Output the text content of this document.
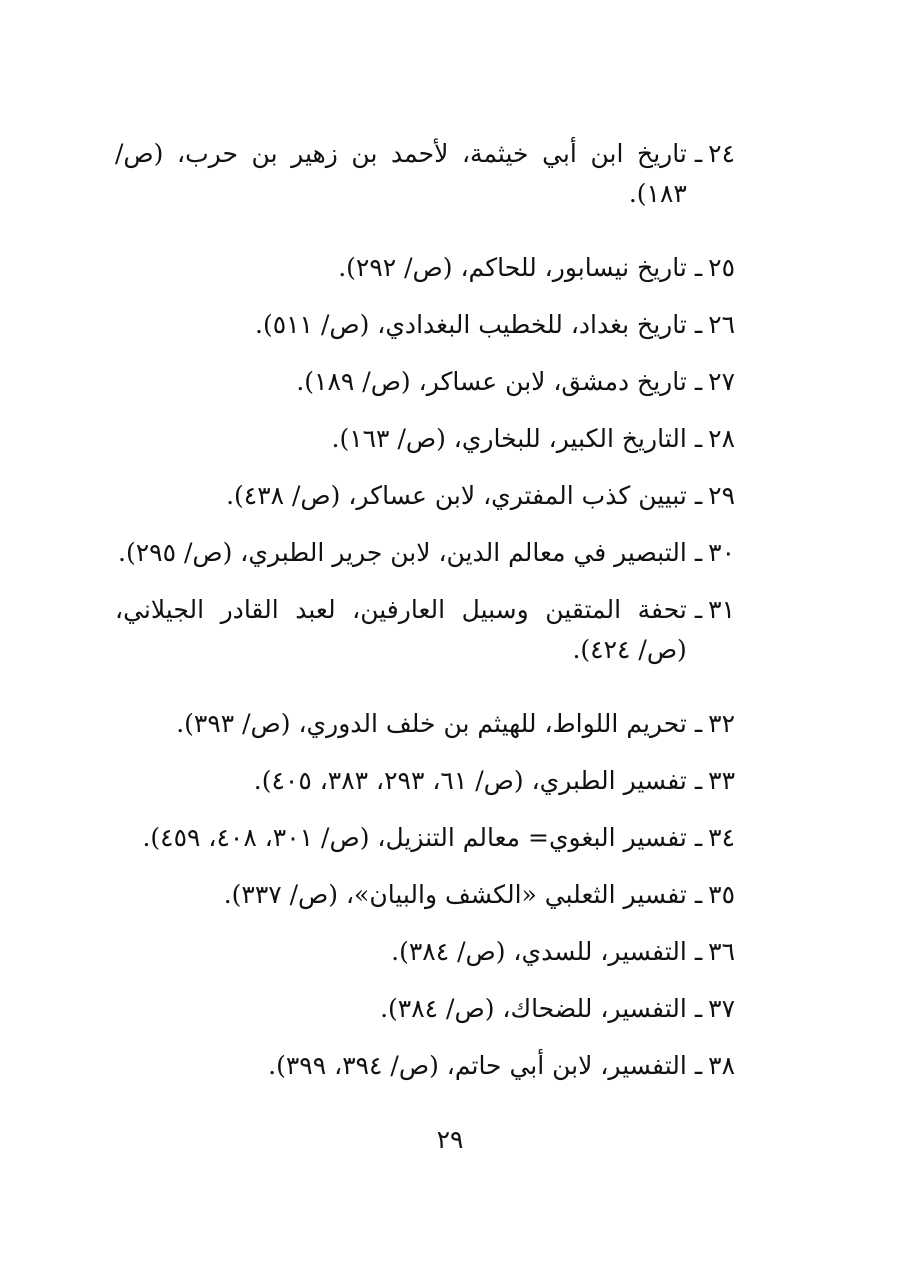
٢٤
ـ
تاريخ ابن أبي خيثمة، لأحمد بن زهير بن حرب، (ص/ ١٨٣).
٢٥
ـ
تاريخ نيسابور، للحاكم، (ص/ ٢٩٢).
٢٦
ـ
تاريخ بغداد، للخطيب البغدادي، (ص/ ٥١١).
٢٧
ـ
تاريخ دمشق، لابن عساكر، (ص/ ١٨٩).
٢٨
ـ
التاريخ الكبير، للبخاري، (ص/ ١٦٣).
٢٩
ـ
تبيين كذب المفتري، لابن عساكر، (ص/ ٤٣٨).
٣٠
ـ
التبصير في معالم الدين، لابن جرير الطبري، (ص/ ٢٩٥).
٣١
ـ
تحفة المتقين وسبيل العارفين، لعبد القادر الجيلاني، (ص/ ٤٢٤).
٣٢
ـ
تحريم اللواط، للهيثم بن خلف الدوري، (ص/ ٣٩٣).
٣٣
ـ
تفسير الطبري، (ص/ ٦١، ٢٩٣، ٣٨٣، ٤٠٥).
٣٤
ـ
تفسير البغوي= معالم التنزيل، (ص/ ٣٠١، ٤٠٨، ٤٥٩).
٣٥
ـ
تفسير الثعلبي «الكشف والبيان»، (ص/ ٣٣٧).
٣٦
ـ
التفسير، للسدي، (ص/ ٣٨٤).
٣٧
ـ
التفسير، للضحاك، (ص/ ٣٨٤).
٣٨
ـ
التفسير، لابن أبي حاتم، (ص/ ٣٩٤، ٣٩٩).
٢٩
